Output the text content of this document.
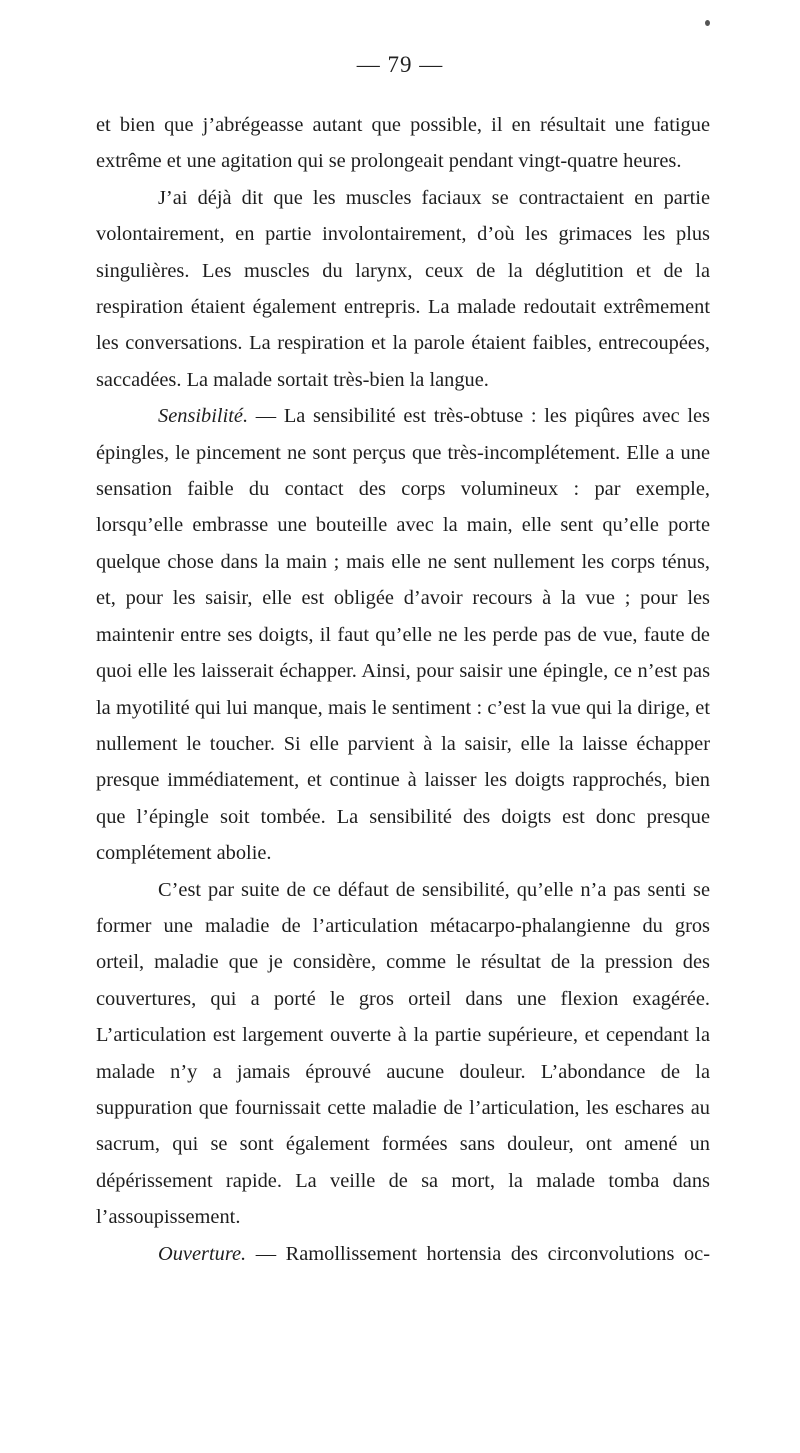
— 79 —

et bien que j’abrégeasse autant que possible, il en résultait une fatigue extrême et une agitation qui se prolongeait pendant vingt-quatre heures.

J’ai déjà dit que les muscles faciaux se contractaient en partie volontairement, en partie involontairement, d’où les grimaces les plus singulières. Les muscles du larynx, ceux de la déglutition et de la respiration étaient également entrepris. La malade redoutait extrêmement les conversations. La respiration et la parole étaient faibles, entrecoupées, saccadées. La malade sortait très-bien la langue.

Sensibilité. — La sensibilité est très-obtuse : les piqûres avec les épingles, le pincement ne sont perçus que très-incomplétement. Elle a une sensation faible du contact des corps volumineux : par exemple, lorsqu’elle embrasse une bouteille avec la main, elle sent qu’elle porte quelque chose dans la main ; mais elle ne sent nullement les corps ténus, et, pour les saisir, elle est obligée d’avoir recours à la vue ; pour les maintenir entre ses doigts, il faut qu’elle ne les perde pas de vue, faute de quoi elle les laisserait échapper. Ainsi, pour saisir une épingle, ce n’est pas la myotilité qui lui manque, mais le sentiment : c’est la vue qui la dirige, et nullement le toucher. Si elle parvient à la saisir, elle la laisse échapper presque immédiatement, et continue à laisser les doigts rapprochés, bien que l’épingle soit tombée. La sensibilité des doigts est donc presque complétement abolie.

C’est par suite de ce défaut de sensibilité, qu’elle n’a pas senti se former une maladie de l’articulation métacarpo-phalangienne du gros orteil, maladie que je considère, comme le résultat de la pression des couvertures, qui a porté le gros orteil dans une flexion exagérée. L’articulation est largement ouverte à la partie supérieure, et cependant la malade n’y a jamais éprouvé aucune douleur. L’abondance de la suppuration que fournissait cette maladie de l’articulation, les eschares au sacrum, qui se sont également formées sans douleur, ont amené un dépérissement rapide. La veille de sa mort, la malade tomba dans l’assoupissement.

Ouverture. — Ramollissement hortensia des circonvolutions oc-
